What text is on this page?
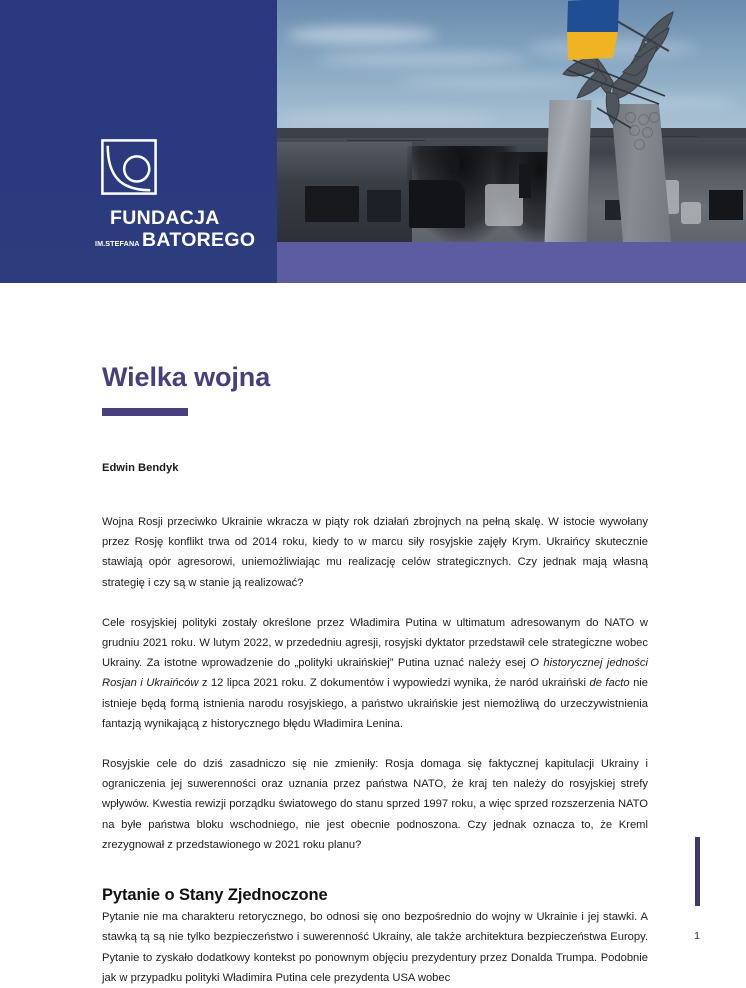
FUNDACJA
IM.STEFANA BATOREGO
Wielka wojna
Edwin Bendyk

Wojna Rosji przeciwko Ukrainie wkracza w piąty rok działań zbrojnych na pełną skalę. W istocie wywołany przez Rosję konflikt trwa od 2014 roku, kiedy to w marcu siły rosyjskie zajęły Krym. Ukraińcy skutecznie stawiają opór agresorowi, uniemożliwiając mu realizację celów strategicznych. Czy jednak mają własną strategię i czy są w stanie ją realizować?

Cele rosyjskiej polityki zostały określone przez Władimira Putina w ultimatum adresowanym do NATO w grudniu 2021 roku. W lutym 2022, w przededniu agresji, rosyjski dyktator przedstawił cele strategiczne wobec Ukrainy. Za istotne wprowadzenie do „polityki ukraińskiej” Putina uznać należy esej O historycznej jedności Rosjan i Ukraińców z 12 lipca 2021 roku. Z dokumentów i wypowiedzi wynika, że naród ukraiński de facto nie istnieje będą formą istnienia narodu rosyjskiego, a państwo ukraińskie jest niemożliwą do urzeczywistnienia fantazją wynikającą z historycznego błędu Władimira Lenina.

Rosyjskie cele do dziś zasadniczo się nie zmieniły: Rosja domaga się faktycznej kapitulacji Ukrainy i ograniczenia jej suwerenności oraz uznania przez państwa NATO, że kraj ten należy do rosyjskiej strefy wpływów. Kwestia rewizji porządku światowego do stanu sprzed 1997 roku, a więc sprzed rozszerzenia NATO na byłe państwa bloku wschodniego, nie jest obecnie podnoszona. Czy jednak oznacza to, że Kreml zrezygnował z przedstawionego w 2021 roku planu?

Pytanie o Stany Zjednoczone

Pytanie nie ma charakteru retorycznego, bo odnosi się ono bezpośrednio do wojny w Ukrainie i jej stawki. A stawką tą są nie tylko bezpieczeństwo i suwerenność Ukrainy, ale także architektura bezpieczeństwa Europy. Pytanie to zyskało dodatkowy kontekst po ponownym objęciu prezydentury przez Donalda Trumpa. Podobnie jak w przypadku polityki Władimira Putina cele prezydenta USA wobec

1
